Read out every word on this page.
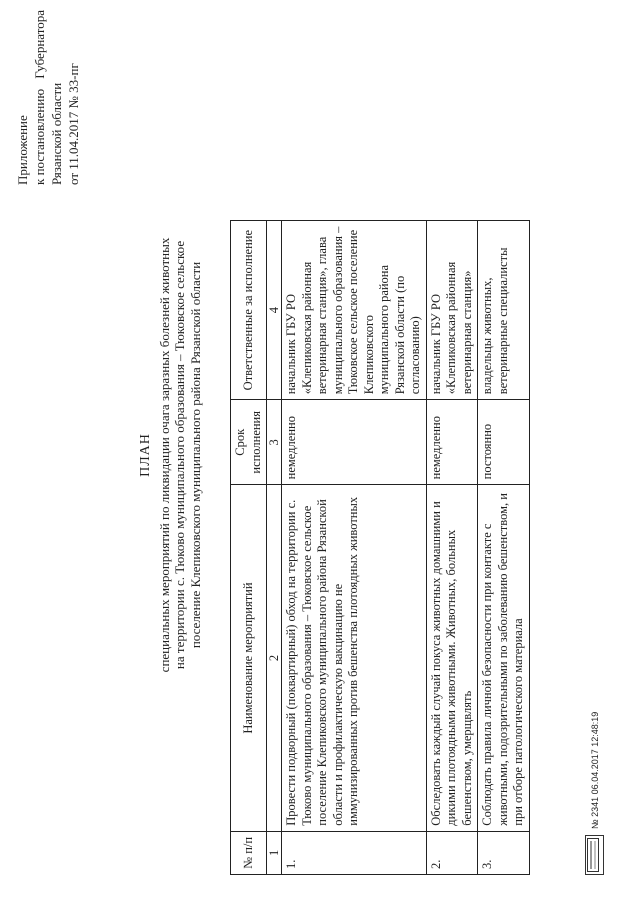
Приложение к постановлению
Губернатора
Рязанской области от 11.04.2017 № 33-пг
ПЛАН специальных мероприятий по ликвидации очага заразных болезней животных на территории с. Тюково муниципального образования – Тюковское сельское поселение Клепиковского муниципального района Рязанской области
№ п/п	Наименование мероприятий	Срок исполнения	Ответственные за исполнение
1	2	3	4
1.	Провести подворный (поквартирный) обход на территории с. Тюково муниципального образования – Тюковское сельское поселение Клепиковского муниципального района Рязанской области и профилактическую вакцинацию не иммунизированных против бешенства плотоядных животных	немедленно	начальник ГБУ РО «Клепиковская районная ветеринарная станция», глава муниципального образования – Тюковское сельское поселение Клепиковского муниципального района Рязанской области (по согласованию)
2.	Обследовать каждый случай покуса животных домашними и дикими плотоядными животными. Животных, больных бешенством, умерщвлять	немедленно	начальник ГБУ РО «Клепиковская районная ветеринарная станция»
3.	Соблюдать правила личной безопасности при контакте с животными, подозрительными по заболеванию бешенством, и при отборе патологического материала	постоянно	владельцы животных, ветеринарные специалисты
№ 2341 06.04.2017 12:48:19
